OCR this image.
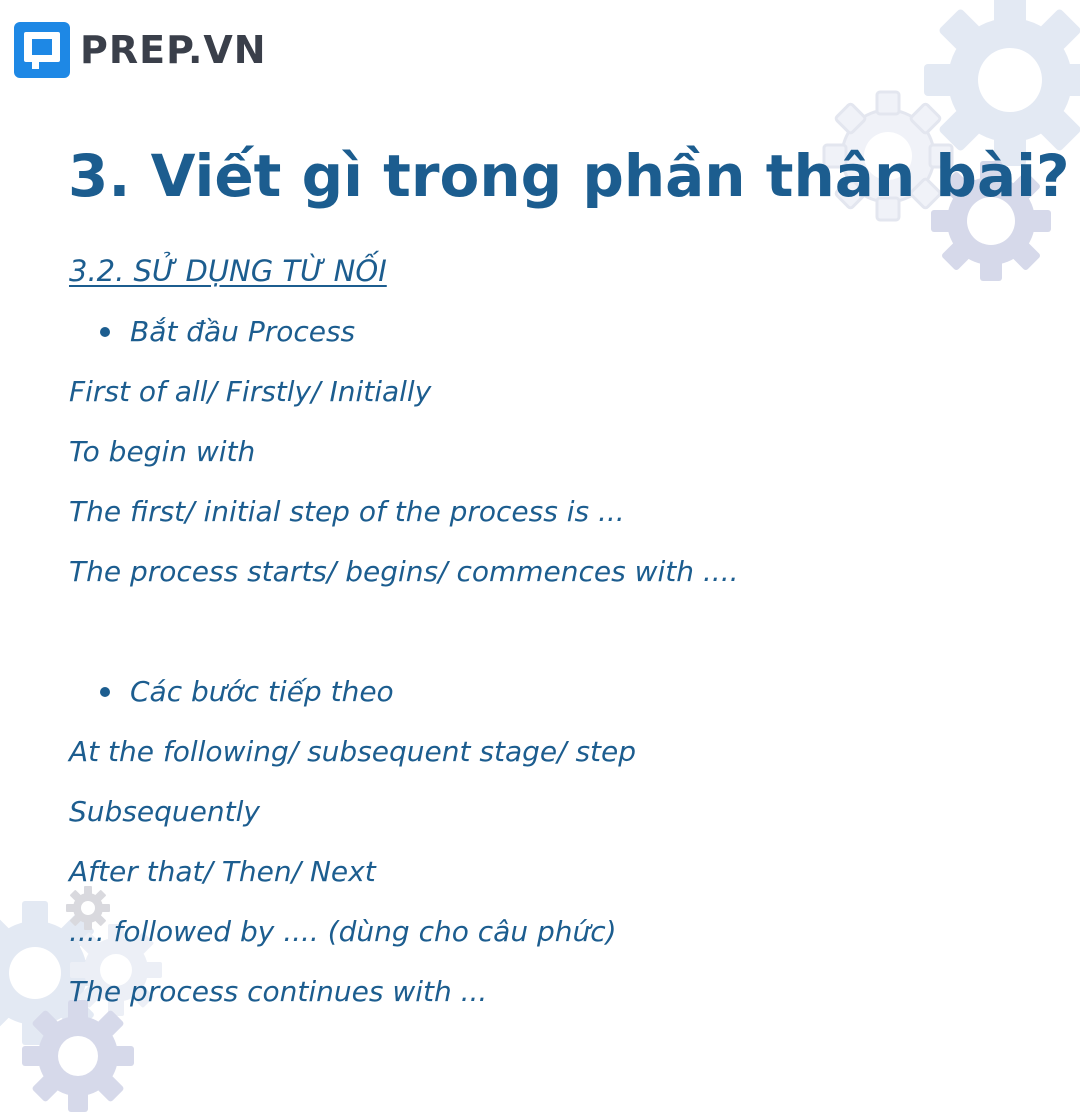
PREP.VN
3. Viết gì trong phần thân bài?
3.2. SỬ DỤNG TỪ NỐI
Bắt đầu Process
First of all/ Firstly/ Initially
To begin with
The first/ initial step of the process is ...
The process starts/ begins/ commences with ....
Các bước tiếp theo
At the following/ subsequent stage/ step
Subsequently
After that/ Then/ Next
.... followed by .... (dùng cho câu phức)
The process continues with ...
